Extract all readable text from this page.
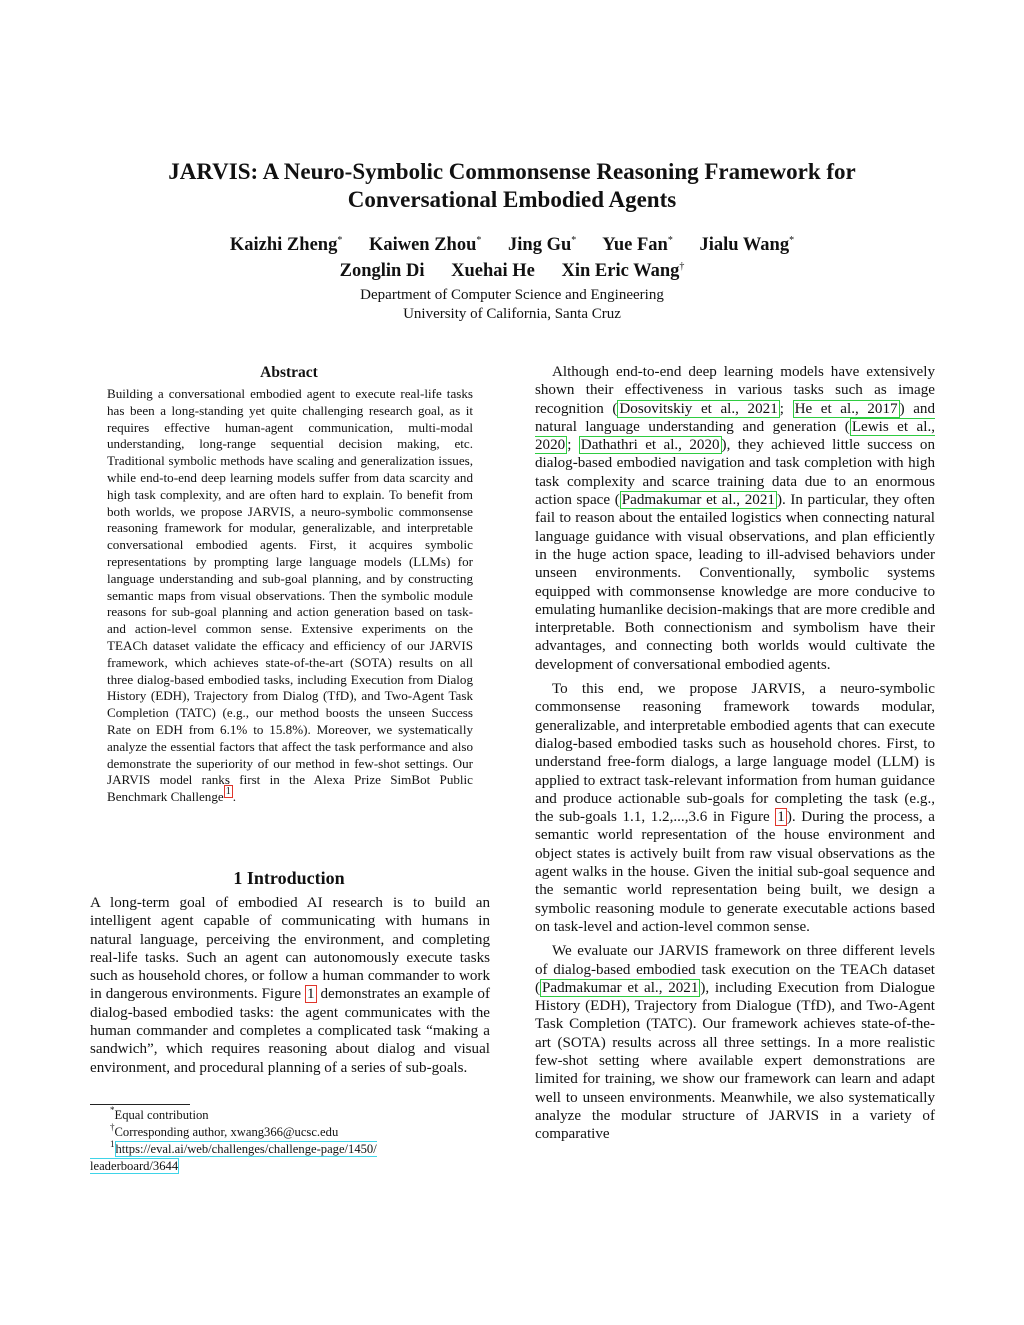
JARVIS: A Neuro-Symbolic Commonsense Reasoning Framework for
Conversational Embodied Agents
Kaizhi Zheng* Kaiwen Zhou* Jing Gu* Yue Fan* Jialu Wang*
Zonglin Di Xuehai He Xin Eric Wang†
Department of Computer Science and Engineering
University of California, Santa Cruz
Abstract
Building a conversational embodied agent to execute real-life tasks has been a long-standing yet quite challenging research goal, as it requires effective human-agent communication, multi-modal understanding, long-range sequential decision making, etc. Traditional symbolic methods have scaling and generalization issues, while end-to-end deep learning models suffer from data scarcity and high task complexity, and are often hard to explain. To benefit from both worlds, we propose JARVIS, a neuro-symbolic commonsense reasoning framework for modular, generalizable, and interpretable conversational embodied agents. First, it acquires symbolic representations by prompting large language models (LLMs) for language understanding and sub-goal planning, and by constructing semantic maps from visual observations. Then the symbolic module reasons for sub-goal planning and action generation based on task- and action-level common sense. Extensive experiments on the TEACh dataset validate the efficacy and efficiency of our JARVIS framework, which achieves state-of-the-art (SOTA) results on all three dialog-based embodied tasks, including Execution from Dialog History (EDH), Trajectory from Dialog (TfD), and Two-Agent Task Completion (TATC) (e.g., our method boosts the unseen Success Rate on EDH from 6.1% to 15.8%). Moreover, we systematically analyze the essential factors that affect the task performance and also demonstrate the superiority of our method in few-shot settings. Our JARVIS model ranks first in the Alexa Prize SimBot Public Benchmark Challenge $^1$ .
1 Introduction

A long-term goal of embodied AI research is to build an intelligent agent capable of communicating with humans in natural language, perceiving the environment, and completing real-life tasks. Such an agent can autonomously execute tasks such as household chores, or follow a human commander to work in dangerous environments. Figure 1 demonstrates an example of dialog-based embodied tasks: the agent communicates with the human commander and completes a complicated task “making a sandwich”, which requires reasoning about dialog and visual environment, and procedural planning of a series of sub-goals.

*Equal contribution
†Corresponding author, xwang366@ucsc.edu
$^1$https://eval.ai/web/challenges/challenge-page/1450/
leaderboard/3644

Although end-to-end deep learning models have extensively shown their effectiveness in various tasks such as image recognition ( Dosovitskiy et al., 2021 ; He et al., 2017 ) and natural language understanding and generation ( Lewis et al., 2020 ; Dathathri et al., 2020 ), they achieved little success on dialog-based embodied navigation and task completion with high task complexity and scarce training data due to an enormous action space ( Padmakumar et al., 2021 ). In particular, they often fail to reason about the entailed logistics when connecting natural language guidance with visual observations, and plan efficiently in the huge action space, leading to ill-advised behaviors under unseen environments. Conventionally, symbolic systems equipped with commonsense knowledge are more conducive to emulating humanlike decision-makings that are more credible and interpretable. Both connectionism and symbolism have their advantages, and connecting both worlds would cultivate the development of conversational embodied agents.

To this end, we propose JARVIS, a neuro-symbolic commonsense reasoning framework towards modular, generalizable, and interpretable embodied agents that can execute dialog-based embodied tasks such as household chores. First, to understand free-form dialogs, a large language model (LLM) is applied to extract task-relevant information from human guidance and produce actionable sub-goals for completing the task (e.g., the sub-goals 1.1, 1.2,...,3.6 in Figure 1 ). During the process, a semantic world representation of the house environment and object states is actively built from raw visual observations as the agent walks in the house. Given the initial sub-goal sequence and the semantic world representation being built, we design a symbolic reasoning module to generate executable actions based on task-level and action-level common sense.

We evaluate our JARVIS framework on three different levels of dialog-based embodied task execution on the TEACh dataset ( Padmakumar et al., 2021 ), including Execution from Dialogue History (EDH), Trajectory from Dialogue (TfD), and Two-Agent Task Completion (TATC). Our framework achieves state-of-the-art (SOTA) results across all three settings. In a more realistic few-shot setting where available expert demonstrations are limited for training, we show our framework can learn and adapt well to unseen environments. Meanwhile, we also systematically analyze the modular structure of JARVIS in a variety of comparative
